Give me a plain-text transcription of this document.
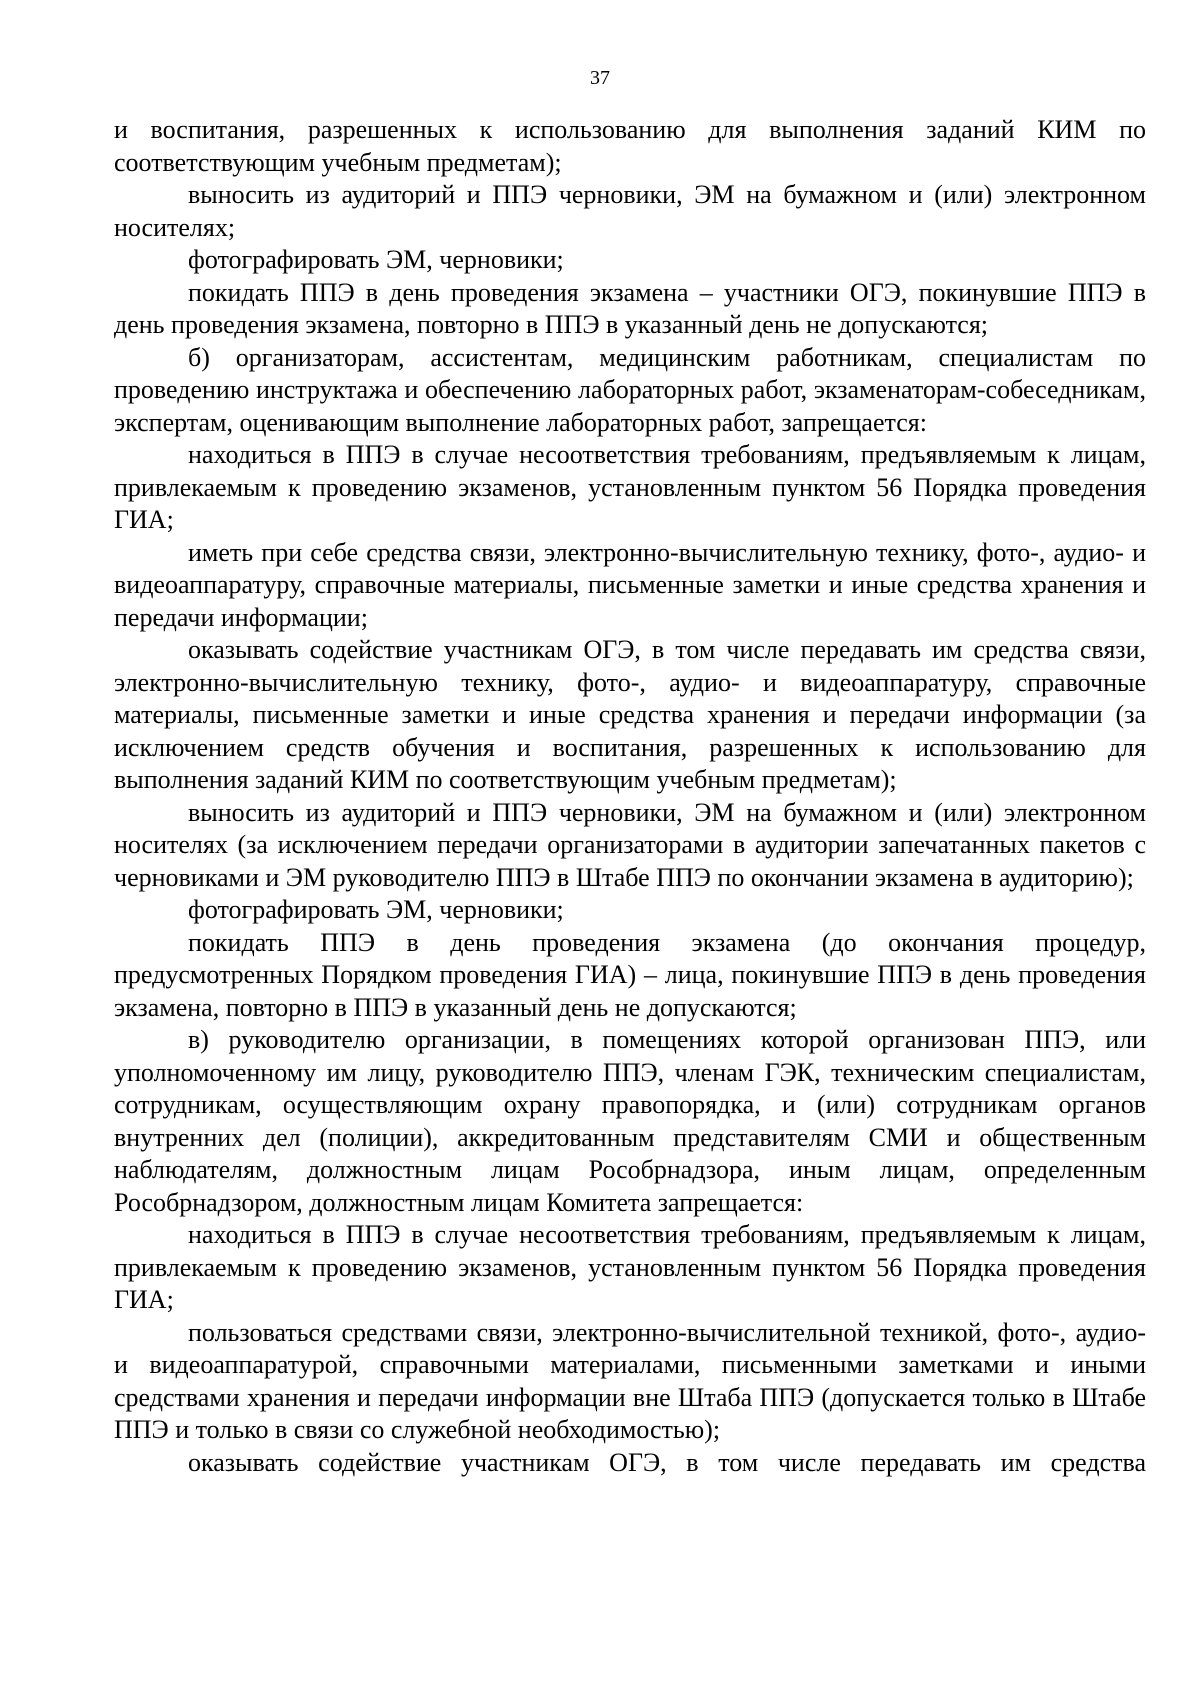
37

и воспитания, разрешенных к использованию для выполнения заданий КИМ по соответствующим учебным предметам);

выносить из аудиторий и ППЭ черновики, ЭМ на бумажном и (или) электронном носителях;

фотографировать ЭМ, черновики;

покидать ППЭ в день проведения экзамена – участники ОГЭ, покинувшие ППЭ в день проведения экзамена, повторно в ППЭ в указанный день не допускаются;

б) организаторам, ассистентам, медицинским работникам, специалистам по проведению инструктажа и обеспечению лабораторных работ, экзаменаторам-собеседникам, экспертам, оценивающим выполнение лабораторных работ, запрещается:

находиться в ППЭ в случае несоответствия требованиям, предъявляемым к лицам, привлекаемым к проведению экзаменов, установленным пунктом 56 Порядка проведения ГИА;

иметь при себе средства связи, электронно-вычислительную технику, фото-, аудио- и видеоаппаратуру, справочные материалы, письменные заметки и иные средства хранения и передачи информации;

оказывать содействие участникам ОГЭ, в том числе передавать им средства связи, электронно-вычислительную технику, фото-, аудио- и видеоаппаратуру, справочные материалы, письменные заметки и иные средства хранения и передачи информации (за исключением средств обучения и воспитания, разрешенных к использованию для выполнения заданий КИМ по соответствующим учебным предметам);

выносить из аудиторий и ППЭ черновики, ЭМ на бумажном и (или) электронном носителях (за исключением передачи организаторами в аудитории запечатанных пакетов с черновиками и ЭМ руководителю ППЭ в Штабе ППЭ по окончании экзамена в аудиторию);

фотографировать ЭМ, черновики;

покидать ППЭ в день проведения экзамена (до окончания процедур, предусмотренных Порядком проведения ГИА) – лица, покинувшие ППЭ в день проведения экзамена, повторно в ППЭ в указанный день не допускаются;

в) руководителю организации, в помещениях которой организован ППЭ, или уполномоченному им лицу, руководителю ППЭ, членам ГЭК, техническим специалистам, сотрудникам, осуществляющим охрану правопорядка, и (или) сотрудникам органов внутренних дел (полиции), аккредитованным представителям СМИ и общественным наблюдателям, должностным лицам Рособрнадзора, иным лицам, определенным Рособрнадзором, должностным лицам Комитета запрещается:

находиться в ППЭ в случае несоответствия требованиям, предъявляемым к лицам, привлекаемым к проведению экзаменов, установленным пунктом 56 Порядка проведения ГИА;

пользоваться средствами связи, электронно-вычислительной техникой, фото-, аудио- и видеоаппаратурой, справочными материалами, письменными заметками и иными средствами хранения и передачи информации вне Штаба ППЭ (допускается только в Штабе ППЭ и только в связи со служебной необходимостью);

оказывать содействие участникам ОГЭ, в том числе передавать им средства
